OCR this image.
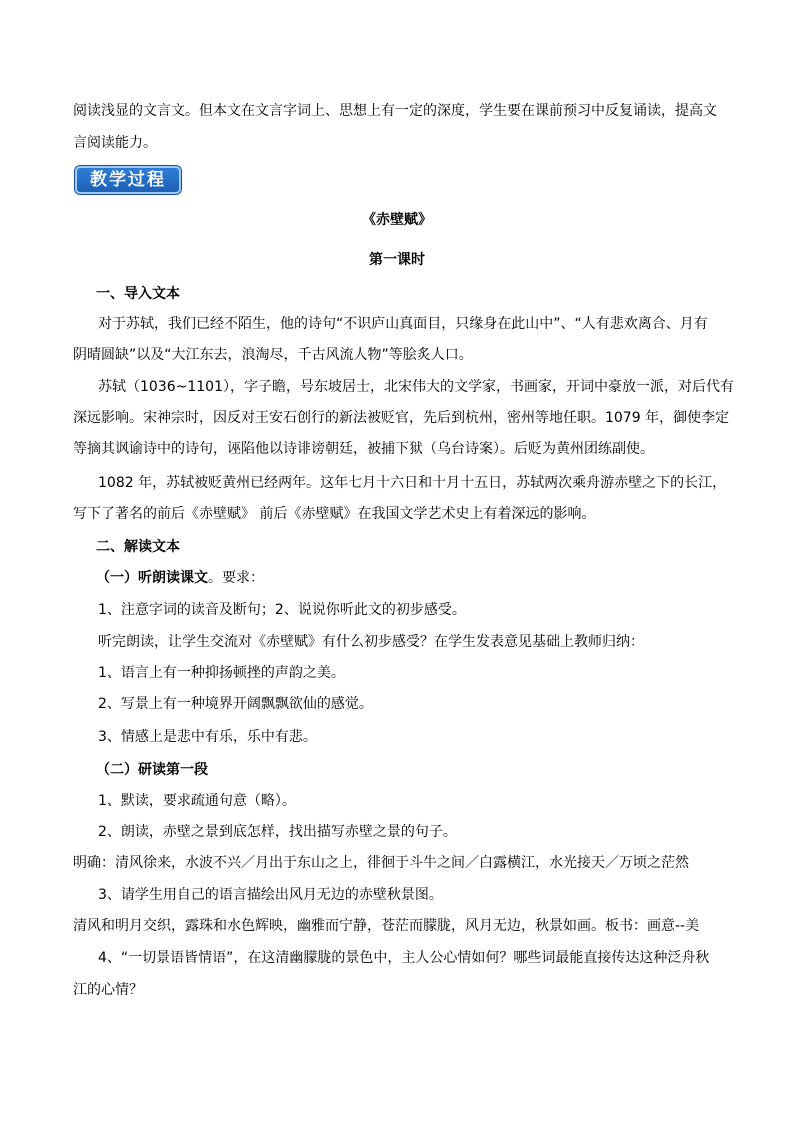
阅读浅显的文言文。但本文在文言字词上、思想上有一定的深度，学生要在课前预习中反复诵读，提高文
言阅读能力。
教学过程
《赤壁赋》
第一课时
一、导入文本
对于苏轼，我们已经不陌生，他的诗句“不识庐山真面目，只缘身在此山中”、“人有悲欢离合、月有
阴晴圆缺”以及“大江东去，浪淘尽，千古风流人物”等脍炙人口。
苏轼（1036~1101），字子瞻，号东坡居士，北宋伟大的文学家，书画家，开词中豪放一派，对后代有
深远影响。宋神宗时，因反对王安石创行的新法被贬官，先后到杭州，密州等地任职。1079 年，御使李定
等摘其讽谕诗中的诗句，诬陷他以诗诽谤朝廷，被捕下狱（乌台诗案）。后贬为黄州团练副使。
1082 年，苏轼被贬黄州已经两年。这年七月十六日和十月十五日，苏轼两次乘舟游赤壁之下的长江，
写下了著名的前后《赤壁赋》 前后《赤壁赋》在我国文学艺术史上有着深远的影响。
二、解读文本
（一）听朗读课文。要求：
1、注意字词的读音及断句；2、说说你听此文的初步感受。
听完朗读，让学生交流对《赤壁赋》有什么初步感受？在学生发表意见基础上教师归纳：
1、语言上有一种抑扬顿挫的声韵之美。
2、写景上有一种境界开阔飘飘欲仙的感觉。
3、情感上是悲中有乐，乐中有悲。
（二）研读第一段
1、默读，要求疏通句意（略）。
2、朗读，赤壁之景到底怎样，找出描写赤壁之景的句子。
明确：清风徐来，水波不兴／月出于东山之上，徘徊于斗牛之间／白露横江，水光接天／万顷之茫然
3、请学生用自己的语言描绘出风月无边的赤壁秋景图。
清风和明月交织，露珠和水色辉映，幽雅而宁静，苍茫而朦胧，风月无边，秋景如画。板书：画意--美
4、“一切景语皆情语”，在这清幽朦胧的景色中，主人公心情如何？哪些词最能直接传达这种泛舟秋
江的心情？
